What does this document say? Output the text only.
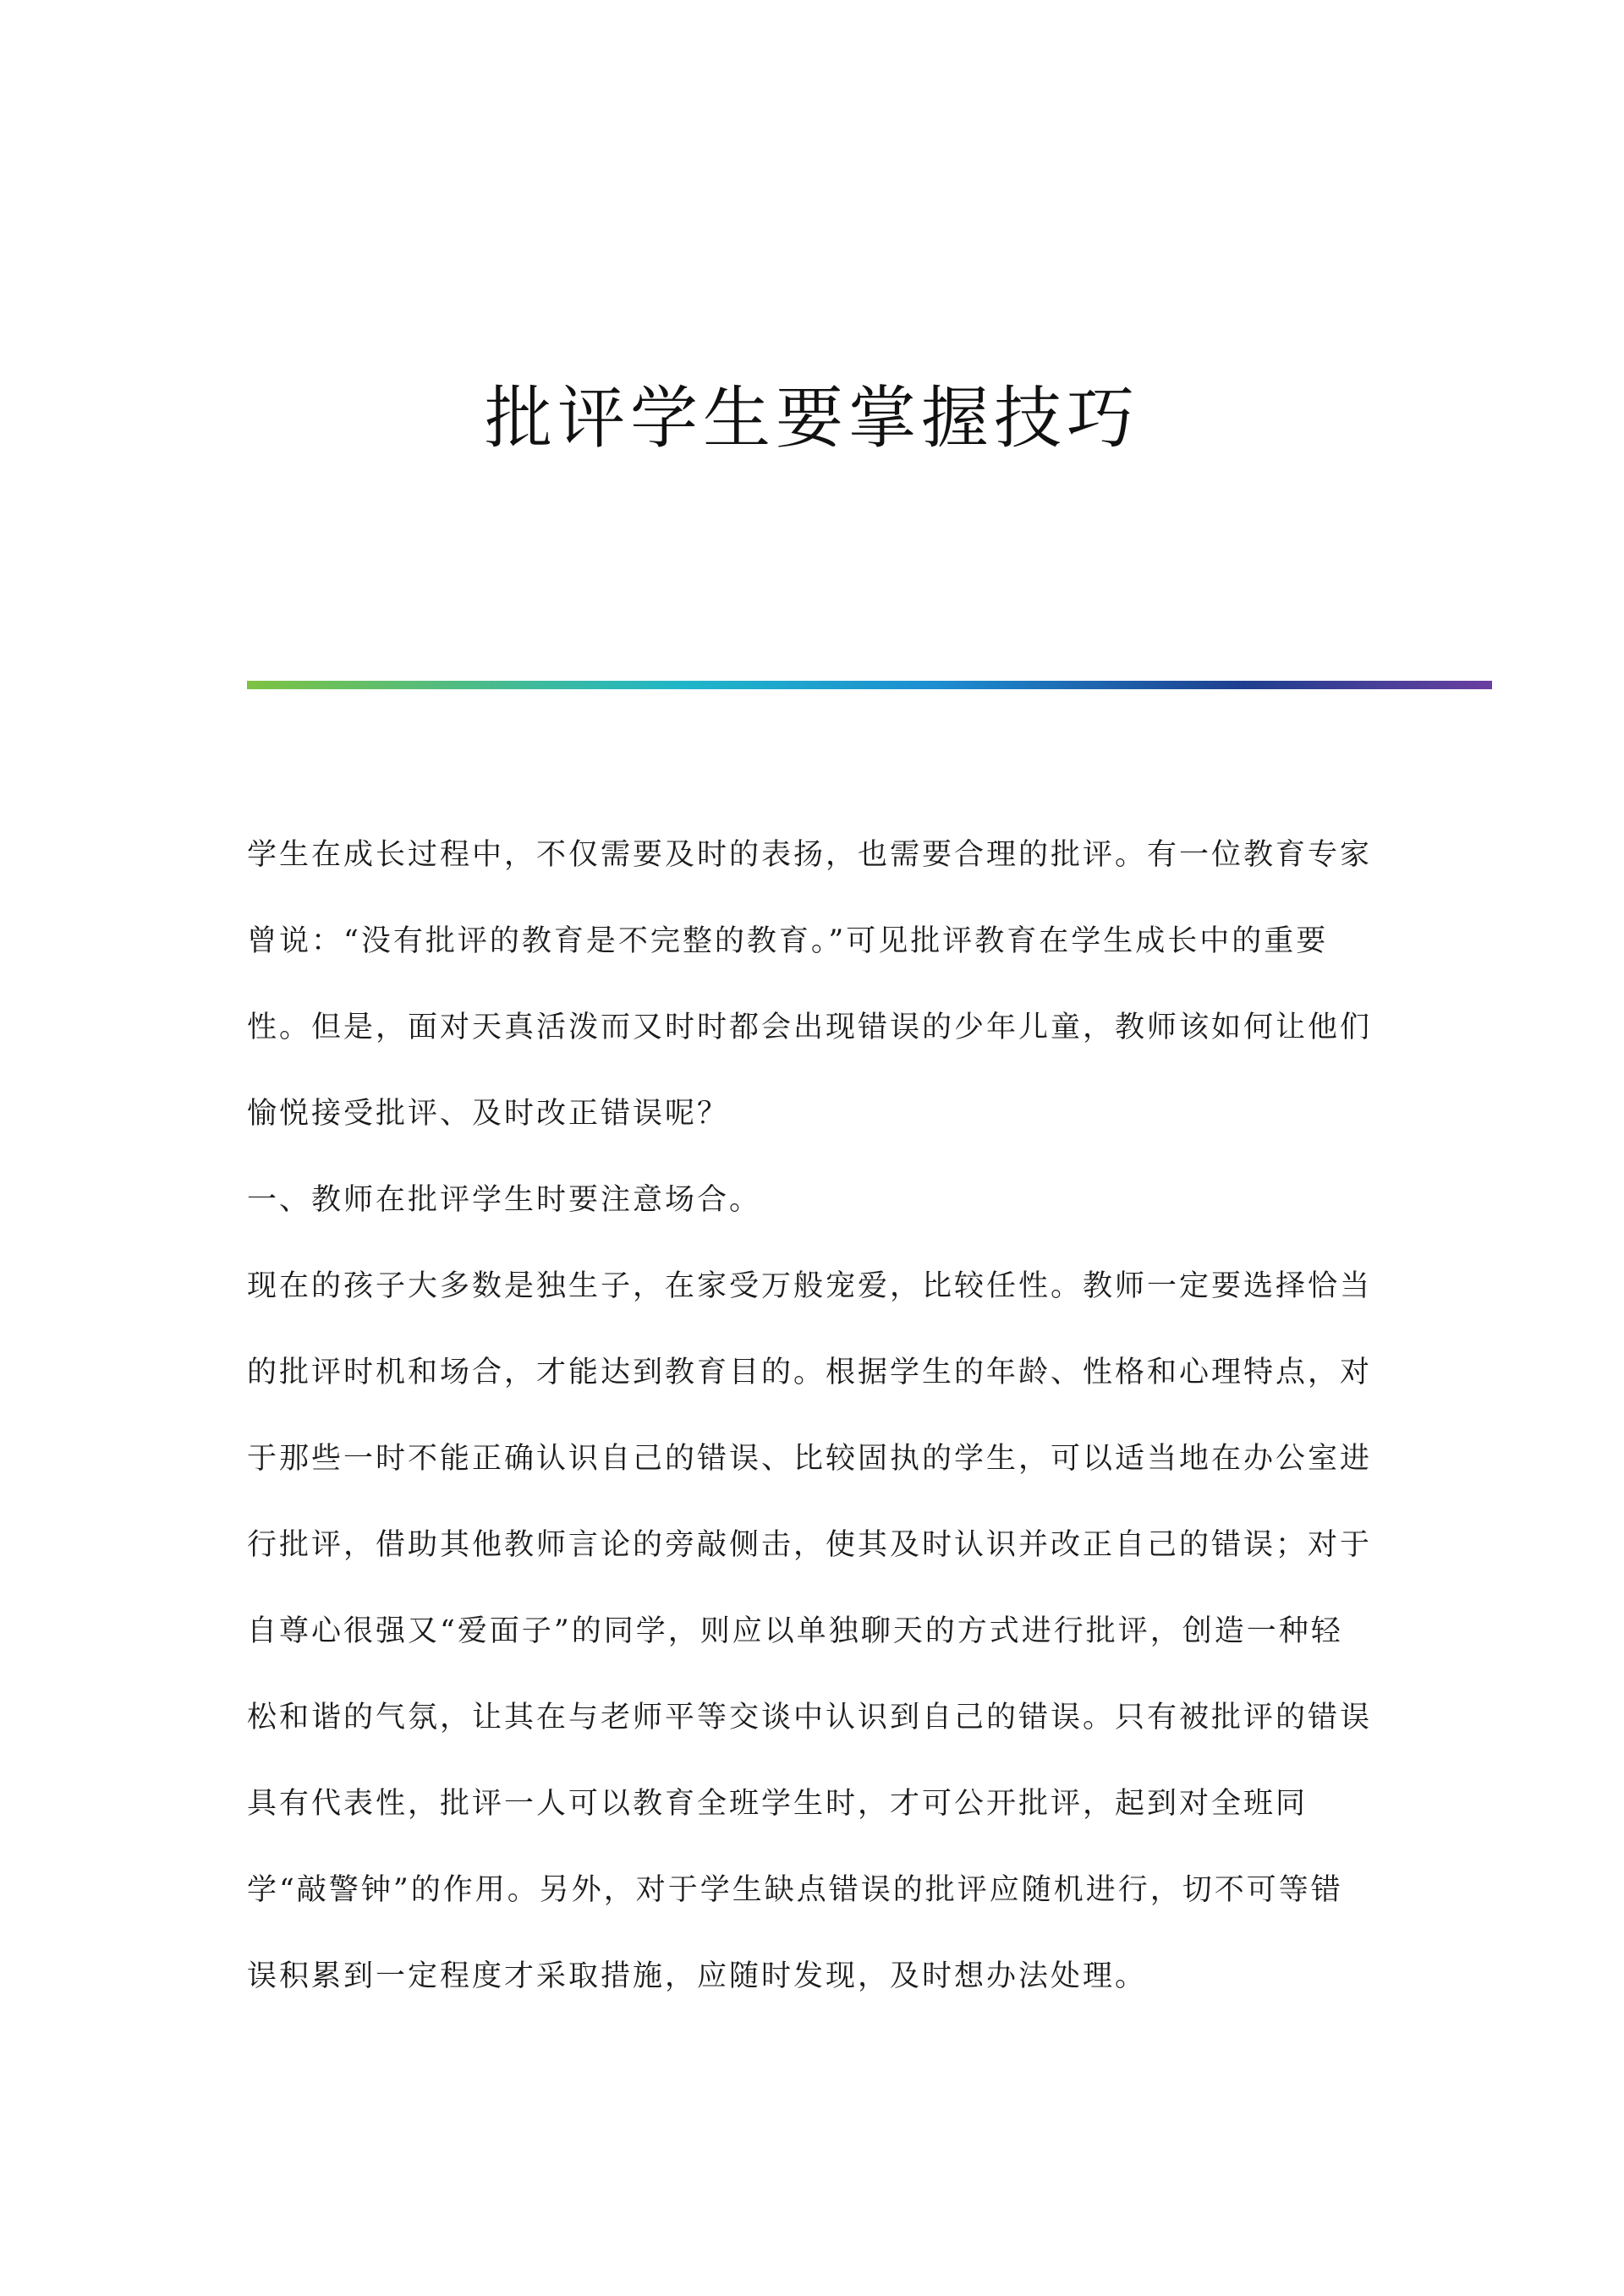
批评学生要掌握技巧

学生在成长过程中，不仅需要及时的表扬，也需要合理的批评。有一位教育专家曾说：“没有批评的教育是不完整的教育。”可见批评教育在学生成长中的重要性。但是，面对天真活泼而又时时都会出现错误的少年儿童，教师该如何让他们愉悦接受批评、及时改正错误呢？

一、教师在批评学生时要注意场合。

现在的孩子大多数是独生子，在家受万般宠爱，比较任性。教师一定要选择恰当的批评时机和场合，才能达到教育目的。根据学生的年龄、性格和心理特点，对于那些一时不能正确认识自己的错误、比较固执的学生，可以适当地在办公室进行批评，借助其他教师言论的旁敲侧击，使其及时认识并改正自己的错误；对于自尊心很强又“爱面子”的同学，则应以单独聊天的方式进行批评，创造一种轻松和谐的气氛，让其在与老师平等交谈中认识到自己的错误。只有被批评的错误具有代表性，批评一人可以教育全班学生时，才可公开批评，起到对全班同学“敲警钟”的作用。另外，对于学生缺点错误的批评应随机进行，切不可等错误积累到一定程度才采取措施，应随时发现，及时想办法处理。
